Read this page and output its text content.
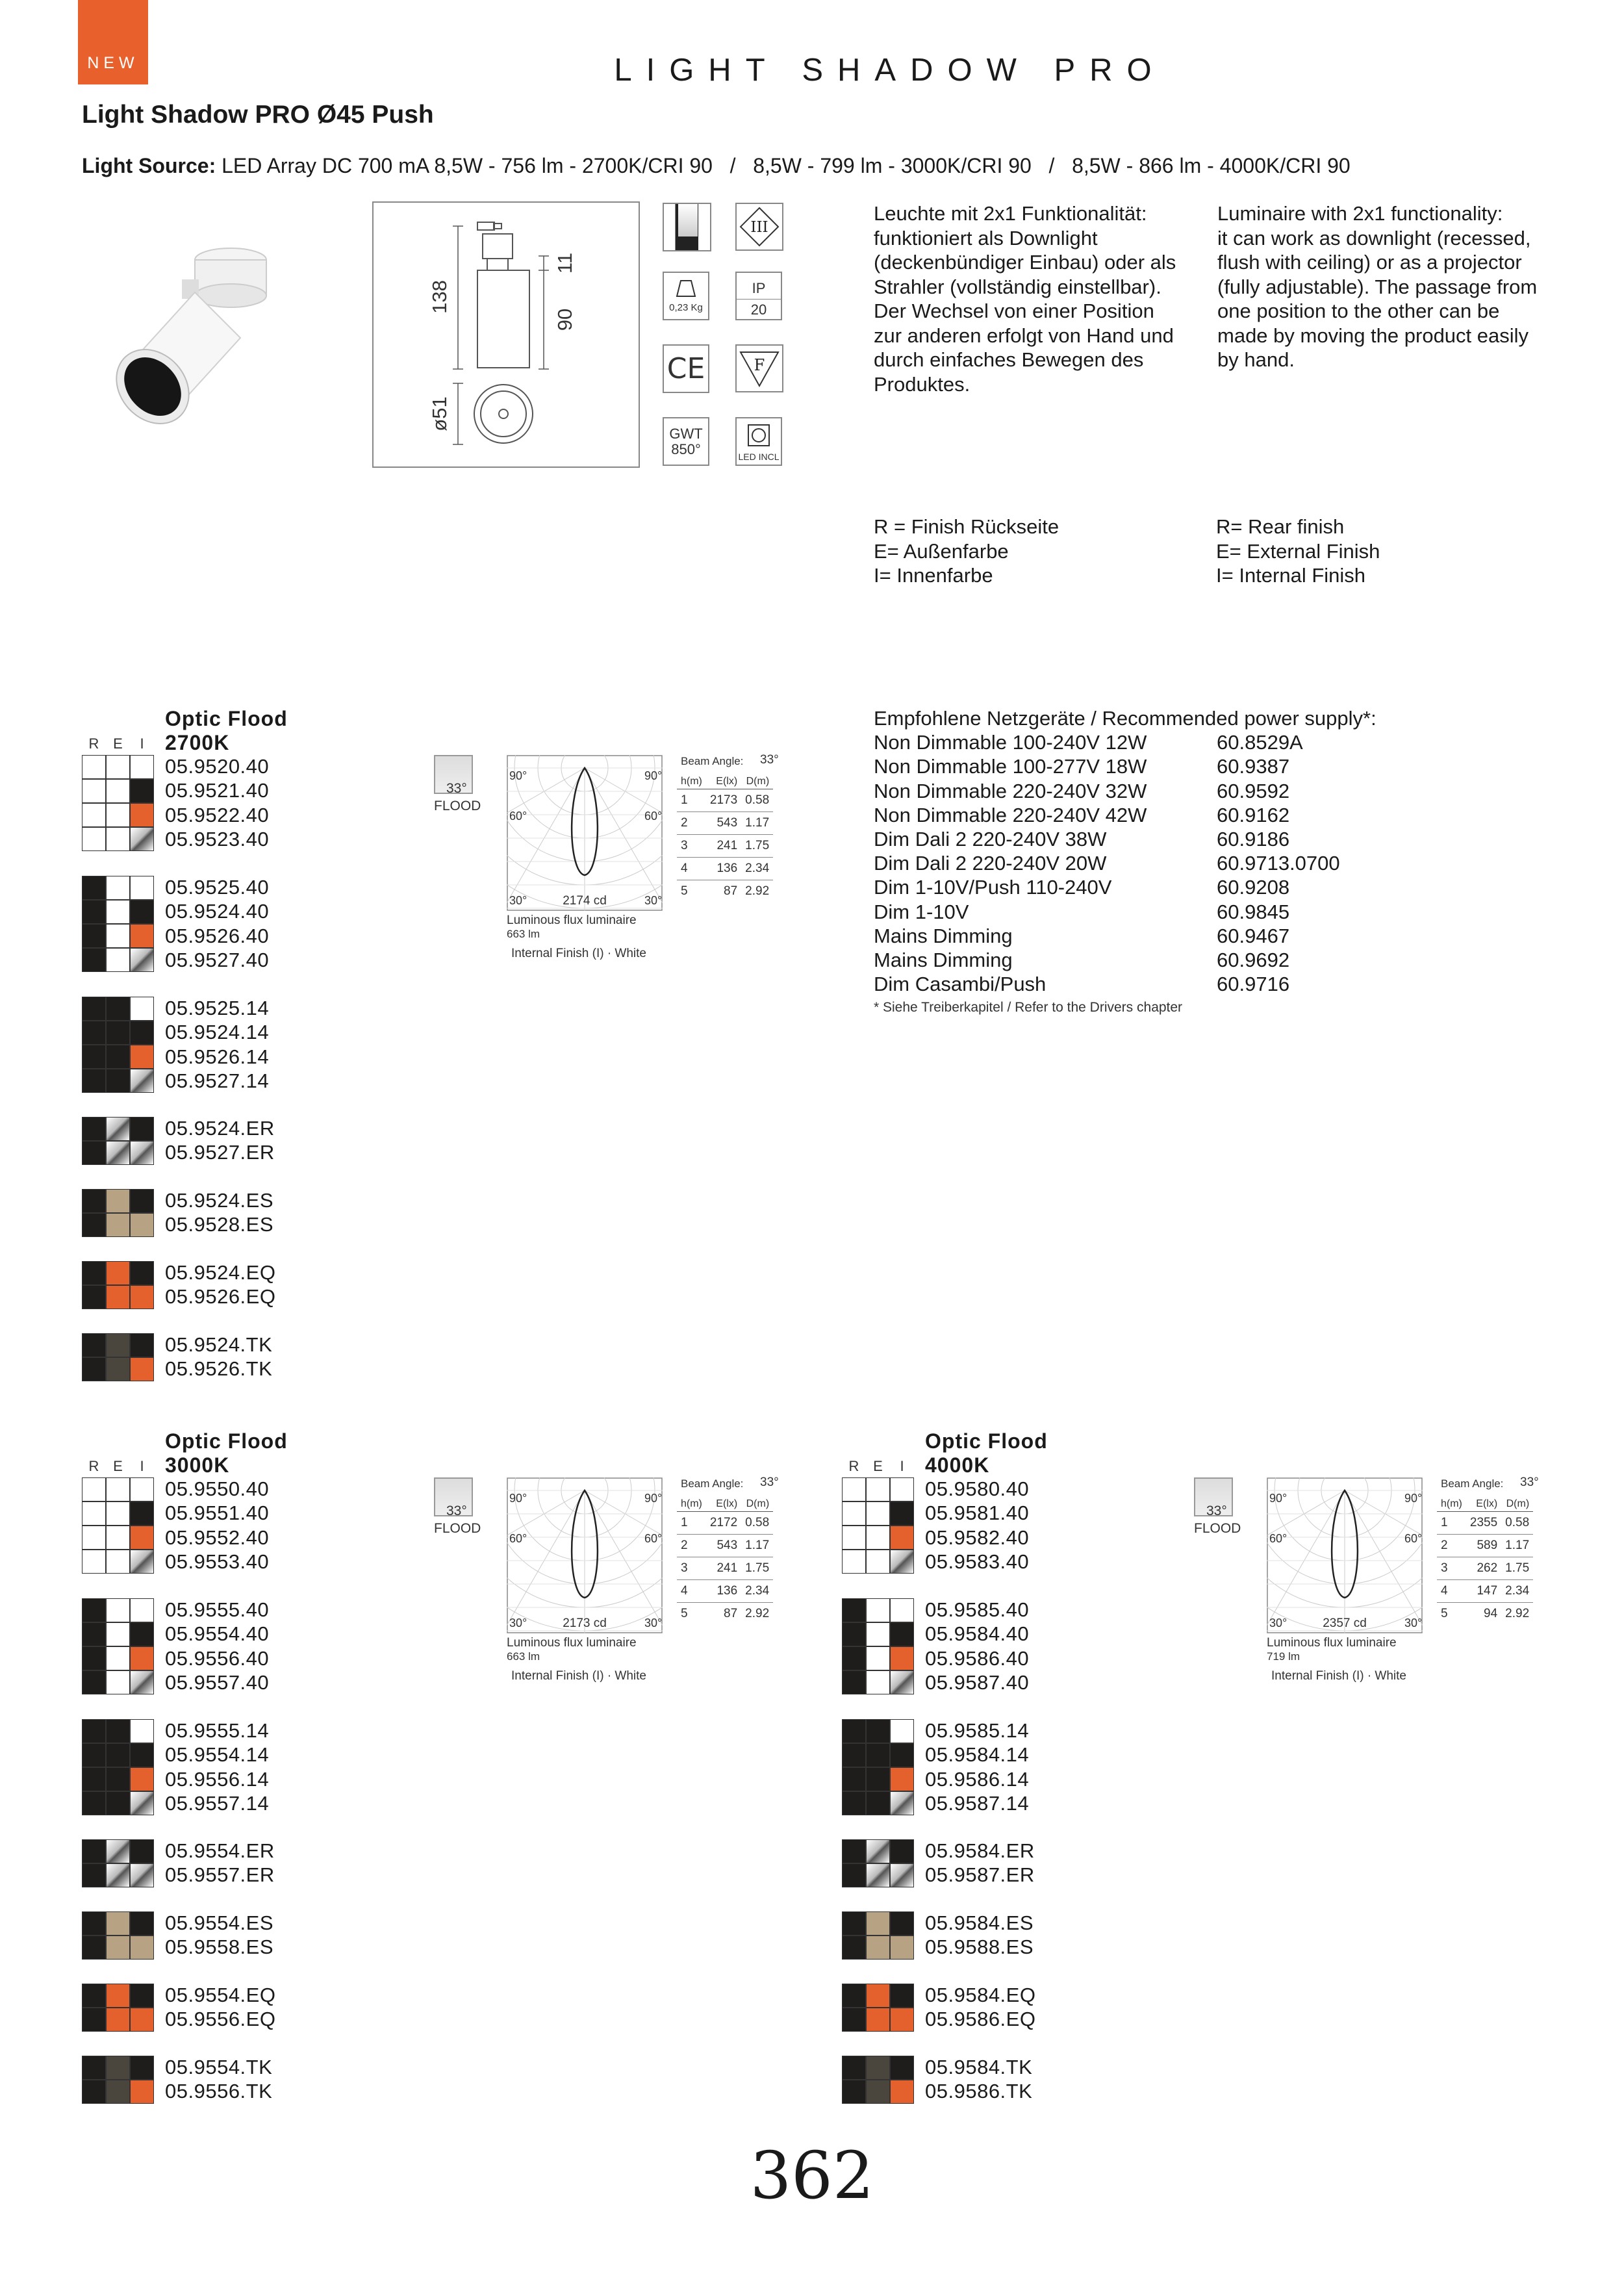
NEW	LIGHT SHADOW PRO
Light Shadow PRO Ø45 Push
Light Source: LED Array DC 700 mA 8,5W - 756 lm - 2700K/CRI 90   /   8,5W - 799 lm - 3000K/CRI 90   /   8,5W - 866 lm - 4000K/CRI 90
138
11
90
ø51
III
0,23 Kg
IP
20
CE	F
GWT
850°	LED INCL
Leuchte mit 2x1 Funktionalität:
funktioniert als Downlight
(deckenbündiger Einbau) oder als
Strahler (vollständig einstellbar).
Der Wechsel von einer Position
zur anderen erfolgt von Hand und
durch einfaches Bewegen des
Produktes.
Luminaire with 2x1 functionality:
it can work as downlight (recessed,
flush with ceiling) or as a projector
(fully adjustable). The passage from
one position to the other can be
made by moving the product easily
by hand.
R = Finish Rückseite
E= Außenfarbe
I= Innenfarbe
R= Rear finish
E= External Finish
I= Internal Finish
Empfohlene Netzgeräte / Recommended power supply*:
Non Dimmable 100-240V 12W	60.8529A
Non Dimmable 100-277V 18W	60.9387
Non Dimmable 220-240V 32W	60.9592
Non Dimmable 220-240V 42W	60.9162
Dim Dali 2 220-240V 38W	60.9186
Dim Dali 2 220-240V 20W	60.9713.0700
Dim 1-10V/Push 110-240V	60.9208
Dim 1-10V	60.9845
Mains Dimming	60.9467
Mains Dimming	60.9692
Dim Casambi/Push	60.9716
* Siehe Treiberkapitel / Refer to the Drivers chapter
Optic Flood
2700K
R E I
05.9520.40
05.9521.40
05.9522.40
05.9523.40
05.9525.40
05.9524.40
05.9526.40
05.9527.40
05.9525.14
05.9524.14
05.9526.14
05.9527.14
05.9524.ER
05.9527.ER
05.9524.ES
05.9528.ES
05.9524.EQ
05.9526.EQ
05.9524.TK
05.9526.TK
33°
FLOOD
90°	90°
60°	60°
30°	30°
2174 cd
Luminous flux luminaire
663 lm
Internal Finish (I) · White
Beam Angle: 33°
h(m)	E(lx)	D(m)
1	2173	0.58
2	543	1.17
3	241	1.75
4	136	2.34
5	87	2.92
Optic Flood
3000K
R E I
05.9550.40
05.9551.40
05.9552.40
05.9553.40
05.9555.40
05.9554.40
05.9556.40
05.9557.40
05.9555.14
05.9554.14
05.9556.14
05.9557.14
05.9554.ER
05.9557.ER
05.9554.ES
05.9558.ES
05.9554.EQ
05.9556.EQ
05.9554.TK
05.9556.TK
33°
FLOOD
90°	90°
60°	60°
30°	30°
2173 cd
Luminous flux luminaire
663 lm
Internal Finish (I) · White
Beam Angle: 33°
h(m)	E(lx)	D(m)
1	2172	0.58
2	543	1.17
3	241	1.75
4	136	2.34
5	87	2.92
Optic Flood
4000K
R E I
05.9580.40
05.9581.40
05.9582.40
05.9583.40
05.9585.40
05.9584.40
05.9586.40
05.9587.40
05.9585.14
05.9584.14
05.9586.14
05.9587.14
05.9584.ER
05.9587.ER
05.9584.ES
05.9588.ES
05.9584.EQ
05.9586.EQ
05.9584.TK
05.9586.TK
33°
FLOOD
90°	90°
60°	60°
30°	30°
2357 cd
Luminous flux luminaire
719 lm
Internal Finish (I) · White
Beam Angle: 33°
h(m)	E(lx)	D(m)
1	2355	0.58
2	589	1.17
3	262	1.75
4	147	2.34
5	94	2.92
362
